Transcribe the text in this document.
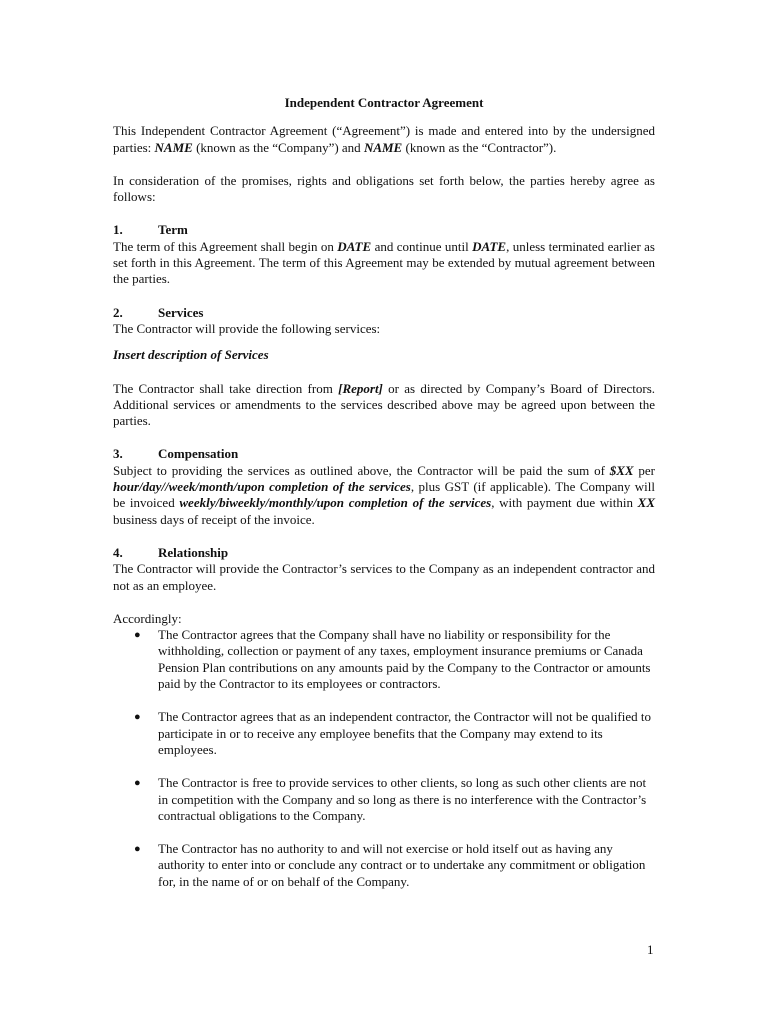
Independent Contractor Agreement

This Independent Contractor Agreement (“Agreement”) is made and entered into by the undersigned parties: NAME (known as the “Company”) and NAME (known as the “Contractor”).

In consideration of the promises, rights and obligations set forth below, the parties hereby agree as follows:

1.	Term

The term of this Agreement shall begin on DATE and continue until DATE, unless terminated earlier as set forth in this Agreement. The term of this Agreement may be extended by mutual agreement between the parties.

2.	Services

The Contractor will provide the following services:

Insert description of Services

The Contractor shall take direction from [Report] or as directed by Company’s Board of Directors. Additional services or amendments to the services described above may be agreed upon between the parties.

3.	Compensation

Subject to providing the services as outlined above, the Contractor will be paid the sum of $XX per hour/day//week/month/upon completion of the services, plus GST (if applicable). The Company will be invoiced weekly/biweekly/monthly/upon completion of the services, with payment due within XX business days of receipt of the invoice.

4.	Relationship

The Contractor will provide the Contractor’s services to the Company as an independent contractor and not as an employee.

Accordingly:

● The Contractor agrees that the Company shall have no liability or responsibility for the withholding, collection or payment of any taxes, employment insurance premiums or Canada Pension Plan contributions on any amounts paid by the Company to the Contractor or amounts paid by the Contractor to its employees or contractors.
● The Contractor agrees that as an independent contractor, the Contractor will not be qualified to participate in or to receive any employee benefits that the Company may extend to its employees.
● The Contractor is free to provide services to other clients, so long as such other clients are not in competition with the Company and so long as there is no interference with the Contractor’s contractual obligations to the Company.
● The Contractor has no authority to and will not exercise or hold itself out as having any authority to enter into or conclude any contract or to undertake any commitment or obligation for, in the name of or on behalf of the Company.
1
